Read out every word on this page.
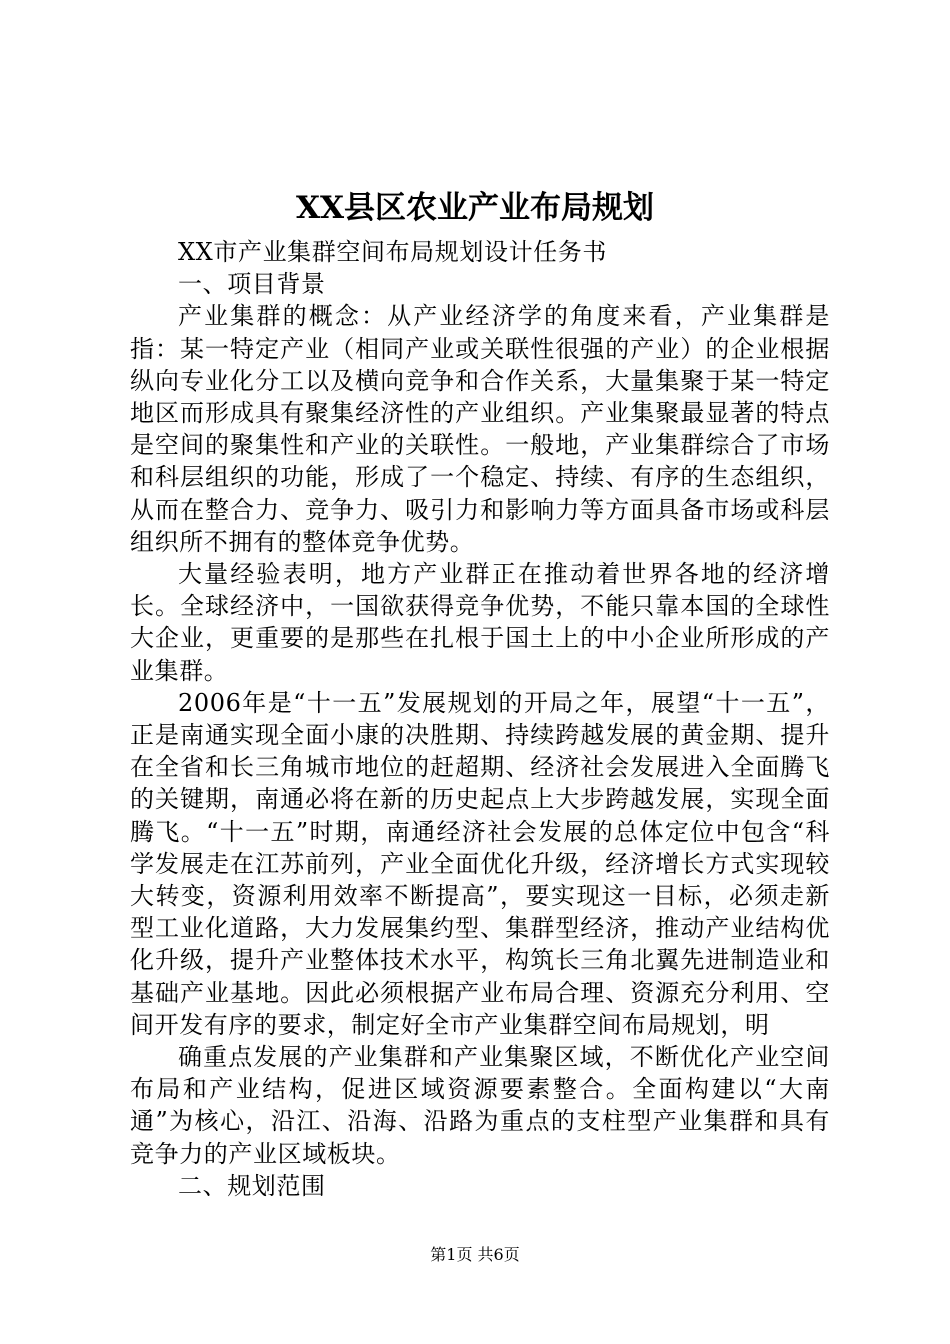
XX县区农业产业布局规划

XX市产业集群空间布局规划设计任务书

一、项目背景

产业集群的概念：从产业经济学的角度来看，产业集群是指：某一特定产业（相同产业或关联性很强的产业）的企业根据纵向专业化分工以及横向竞争和合作关系，大量集聚于某一特定地区而形成具有聚集经济性的产业组织。产业集聚最显著的特点是空间的聚集性和产业的关联性。一般地，产业集群综合了市场和科层组织的功能，形成了一个稳定、持续、有序的生态组织，从而在整合力、竞争力、吸引力和影响力等方面具备市场或科层组织所不拥有的整体竞争优势。

大量经验表明，地方产业群正在推动着世界各地的经济增长。全球经济中，一国欲获得竞争优势，不能只靠本国的全球性大企业，更重要的是那些在扎根于国土上的中小企业所形成的产业集群。

2006年是“十一五”发展规划的开局之年，展望“十一五”，正是南通实现全面小康的决胜期、持续跨越发展的黄金期、提升在全省和长三角城市地位的赶超期、经济社会发展进入全面腾飞的关键期，南通必将在新的历史起点上大步跨越发展，实现全面腾飞。“十一五”时期，南通经济社会发展的总体定位中包含“科学发展走在江苏前列，产业全面优化升级，经济增长方式实现较大转变，资源利用效率不断提高”，要实现这一目标，必须走新型工业化道路，大力发展集约型、集群型经济，推动产业结构优化升级，提升产业整体技术水平，构筑长三角北翼先进制造业和基础产业基地。因此必须根据产业布局合理、资源充分利用、空间开发有序的要求，制定好全市产业集群空间布局规划，明

确重点发展的产业集群和产业集聚区域，不断优化产业空间布局和产业结构，促进区域资源要素整合。全面构建以“大南通”为核心，沿江、沿海、沿路为重点的支柱型产业集群和具有竞争力的产业区域板块。

二、规划范围

第1页 共6页
